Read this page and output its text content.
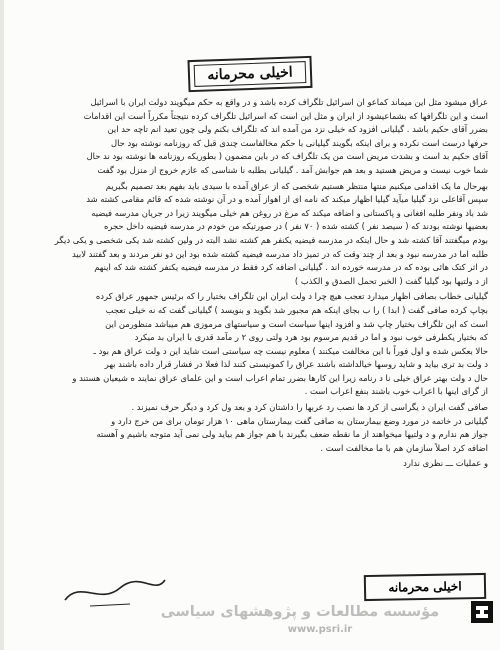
اخیلی محرمانه
عراق میشود مثل این میماند کماعو ان اسرائیل تلگراف کرده باشد و در واقع به حکم میگویند دولت ایران با اسرائیل
است و این تلگرافها که بشماعیشود از ایران و مثل این است که اسرائیل تلگراف کرده نتیجتاً مکرراً است این اقدامات
بضرر آقای حکیم باشد . گیلیانی افزود که خیلی نزد من آمده اند که تلگراف بکنم ولی چون تعید انم تاچه حد این
حرفها درست است نکرده و برای اینکه بگویند گیلیانی با حکم مخالفاست چندی قبل که روزنامه نوشته بود حال
آقای حکیم بد است و بشدت مریض است من یک تلگراف که در باین مضمون ( بطوریکه روزنامه ها نوشته بود ند حال
شما خوب نیست و مریض هستید و بعد هم جوابش آمد . گیلیانی بطلبه نا شناسی که عازم خروج از منزل بود گفت
بهرحال ما یک اقدامی میکنیم منتها منتظر هستیم شخصی که از عراق آمده با سیدی باید بفهم بعد تصمیم بگیریم
سپس آقاعلی نزد گیلیا میآید گیلیا اظهار میکند که نامه ای از اهواز آمده و در آن نوشته شده که قائم مقامی کشته شد
شد باد ونفر طلبه افغانی و پاکستانی و اضافه میکند که مرغ در روغن هم خیلی میگویند زیرا در جریان مدرسه فیضیه
بعضیها نوشته بودند که ( سیصد نفر ) کشته شده ( ٧٠ نفر ) در صورتیکه من خودم در مدرسه فیضیه داخل حجره
بودم میگفتند آقا کشته شد و حال اینکه در مدرسه فیضیه یکنفر هم کشته نشد البته در ولین کشته شد یکی شخصی و یکی دیگر
طلبه اما در مدرسه نبود و بعد از چند وقت که در تمیز داد مدرسه فیضیه کشته شده بود این دو نفر مردند و بعد گفتند لابید
در اثر کتک هائی بوده که در مدرسه خورده اند . گیلیانی اضافه کرد فقط در مدرسه فیضیه یکنفر کشته شد که اینهم
از د ولتیها بود گیلیا گفت ( الخبر تحمل الصدق و الکذب )
گیلیانی خطاب بصافی اظهار میدارد تعجب هیچ چرا د ولت ایران این تلگراف بختیار را که برئیس جمهور عراق کرده
بچاپ کرده صافی گفت ( ابدا ) را ب بجای اینکه هم مجبور شد بگوید و بنویسد ) گیلیانی گفت که نه خیلی تعجب
است که این تلگراف بختیار چاپ شد و افزود اینها سیاست است و سیاستهای مرموزی هم میباشد منظورمن این
که بختیار یکطرفی خوب نبود و اما در قدیم مرسوم بود هرد ولتی روی ٢ ر مآمد قدری با ایران بد میکرد
حالا بعکس شده و اول فوراً با این مخالفت میکنند ) معلوم نیست چه سیاستی است شاید این د ولت عراق هم بود ـ
د ولت بد تری بیاید و شاید روسها خیالداشته باشند عراق را کمونیستی کنند لذا فعلا در فشار قرار داده باشند بهر
حال د ولت بهتر عراق خیلی نا د رنامه زیرا این کارها بضرر تمام اعراب است و این علمای عراق نمایند ه شیعیان هستند و
از گرای اینها با اعراب خوب باشند بنفع اعراب است .
صافی گفت ایران د یگراسی از کرد ها نصب رد عربها را داشتان کرد و بعد ول کرد و دیگر حرف نمیزند .
گیلیانی در خاتمه در مورد وضع بیمارستان به صافی گفت بیمارستان ماهی ١٠ هزار تومان برای من خرج دارد و
جواز هم ندارم و د ولتیها میخواهند از ما نقطه ضعف بگیرند با هم جواز هم بیاید ولی نمی آید متوجه باشیم و آهسته
اضافه کرد اصلاً سازمان هم با ما مخالفت است .
و عملیات ـــ نظری ندارد
اخیلی محرمانه
مؤسسه مطالعات و پژوهشهای سیاسی
www.psri.ir
